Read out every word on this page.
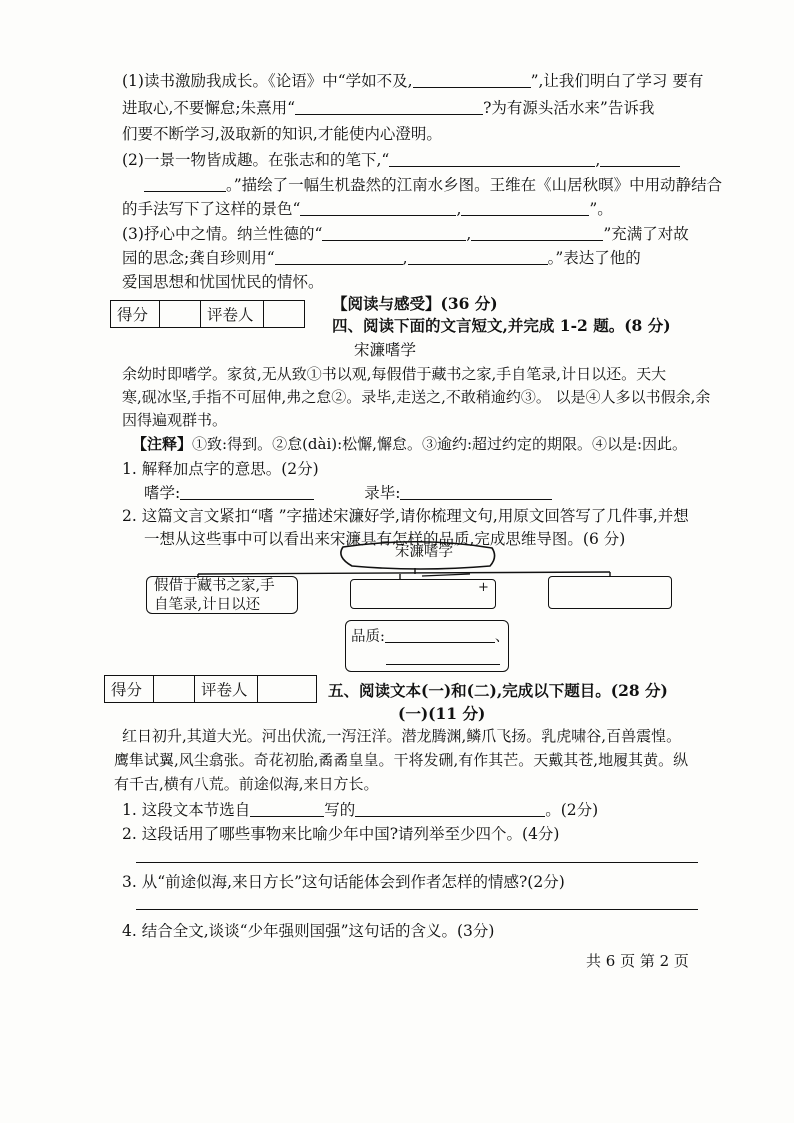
(1)读书激励我成长。《论语》中“学如不及,	”,让我们明白了学习 要有
进取心,不要懈怠;朱熹用“	?为有源头活水来”告诉我
们要不断学习,汲取新的知识,才能使内心澄明。
(2)一景一物皆成趣。在张志和的笔下,“	,
。”描绘了一幅生机盎然的江南水乡图。王维在《山居秋暝》中用动静结合
的手法写下了这样的景色“	,	”。
(3)抒心中之情。纳兰性德的“	,	”充满了对故
园的思念;龚自珍则用“	,	。”表达了他的
爱国思想和忧国忧民的情怀。
得分		评卷人	
【阅读与感受】(36 分)
四、阅读下面的文言短文,并完成 1-2 题。(8 分)
宋濂嗜学
余幼时即嗜学。家贫,无从致①书以观,每假借于藏书之家,手自笔录,计日以还。天大
寒,砚冰坚,手指不可屈伸,弗之怠②。录毕,走送之,不敢稍逾约③。 以是④人多以书假余,余
因得遍观群书。
【注释】①致:得到。②怠(dài):松懈,懈怠。③逾约:超过约定的期限。④以是:因此。
1. 解释加点字的意思。(2分)
嗜学:	录毕:
2. 这篇文言文紧扣“嗜 ”字描述宋濂好学,请你梳理文句,用原文回答写了几件事,并想
一想从这些事中可以看出来宋濂具有怎样的品质,完成思维导图。(6 分)
宋濂嗜学
假借于藏书之家,手
自笔录,计日以还
+
品质:	、
得分		评卷人		五、阅读文本(一)和(二),完成以下题目。(28 分)
(一)(11 分)
红日初升,其道大光。河出伏流,一泻汪洋。潜龙腾渊,鳞爪飞扬。乳虎啸谷,百兽震惶。
鹰隼试翼,风尘翕张。奇花初胎,矞矞皇皇。干将发硎,有作其芒。天戴其苍,地履其黄。纵
有千古,横有八荒。前途似海,来日方长。
1. 这段文本节选自	写的	。(2分)
2. 这段话用了哪些事物来比喻少年中国?请列举至少四个。(4分)
3. 从“前途似海,来日方长”这句话能体会到作者怎样的情感?(2分)
4. 结合全文,谈谈“少年强则国强”这句话的含义。(3分)
共 6 页 第 2 页
